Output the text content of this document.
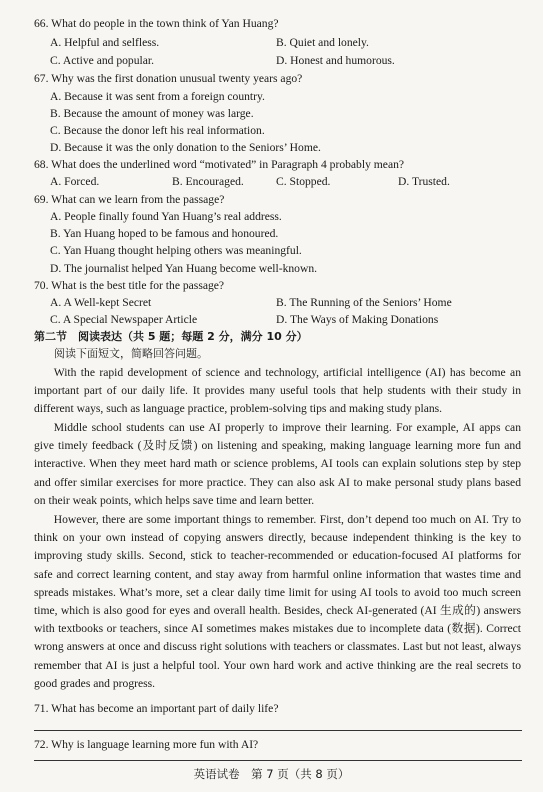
66. What do people in the town think of Yan Huang?
A. Helpful and selfless.	B. Quiet and lonely.
C. Active and popular.	D. Honest and humorous.
67. Why was the first donation unusual twenty years ago?
A. Because it was sent from a foreign country.
B. Because the amount of money was large.
C. Because the donor left his real information.
D. Because it was the only donation to the Seniors’ Home.
68. What does the underlined word “motivated” in Paragraph 4 probably mean?
A. Forced.	B. Encouraged.	C. Stopped.	D. Trusted.
69. What can we learn from the passage?
A. People finally found Yan Huang’s real address.
B. Yan Huang hoped to be famous and honoured.
C. Yan Huang thought helping others was meaningful.
D. The journalist helped Yan Huang become well-known.
70. What is the best title for the passage?
A. A Well-kept Secret	B. The Running of the Seniors’ Home
C. A Special Newspaper Article	D. The Ways of Making Donations
第二节　阅读表达（共 5 题；每题 2 分，满分 10 分）
阅读下面短文，简略回答问题。

With the rapid development of science and technology, artificial intelligence (AI) has become an important part of our daily life. It provides many useful tools that help students with their study in different ways, such as language practice, problem-solving tips and making study plans.

Middle school students can use AI properly to improve their learning. For example, AI apps can give timely feedback (及时反馈) on listening and speaking, making language learning more fun and interactive. When they meet hard math or science problems, AI tools can explain solutions step by step and offer similar exercises for more practice. They can also ask AI to make personal study plans based on their weak points, which helps save time and learn better.

However, there are some important things to remember. First, don’t depend too much on AI. Try to think on your own instead of copying answers directly, because independent thinking is the key to improving study skills. Second, stick to teacher-recommended or education-focused AI platforms for safe and correct learning content, and stay away from harmful online information that wastes time and spreads mistakes. What’s more, set a clear daily time limit for using AI tools to avoid too much screen time, which is also good for eyes and overall health. Besides, check AI-generated (AI 生成的) answers with textbooks or teachers, since AI sometimes makes mistakes due to incomplete data (数据). Correct wrong answers at once and discuss right solutions with teachers or classmates. Last but not least, always remember that AI is just a helpful tool. Your own hard work and active thinking are the real secrets to good grades and progress.

71. What has become an important part of daily life?
72. Why is language learning more fun with AI?
英语试卷　第 7 页（共 8 页）
